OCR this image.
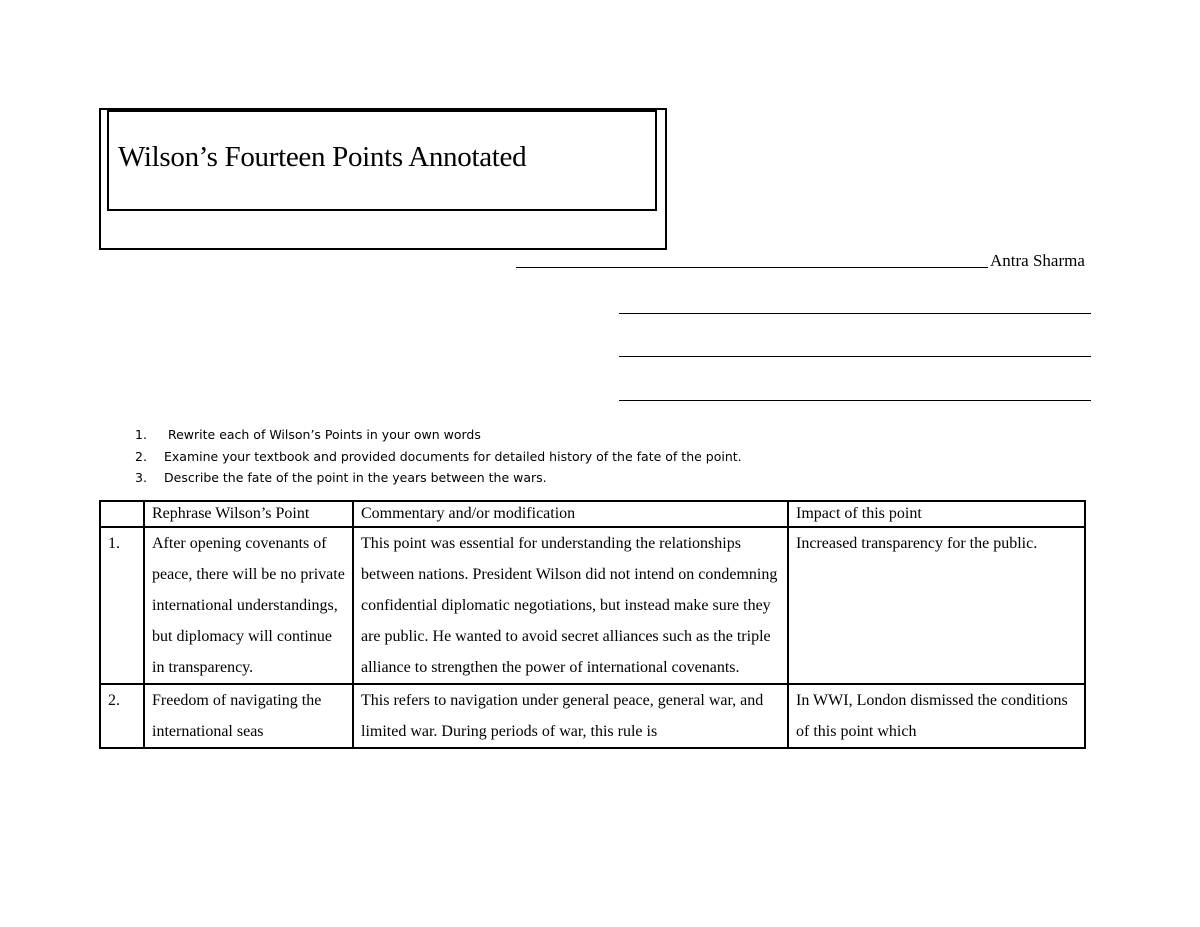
Wilson’s Fourteen Points Annotated
Antra Sharma
1. Rewrite each of Wilson’s Points in your own words
2. Examine your textbook and provided documents for detailed history of the fate of the point.
3. Describe the fate of the point in the years between the wars.
	Rephrase Wilson’s Point	Commentary and/or modification	Impact of this point
1.	After opening covenants of peace, there will be no private international understandings, but diplomacy will continue in transparency.	This point was essential for understanding the relationships between nations. President Wilson did not intend on condemning confidential diplomatic negotiations, but instead make sure they are public. He wanted to avoid secret alliances such as the triple alliance to strengthen the power of international covenants.	Increased transparency for the public.
2.	Freedom of navigating the international seas	This refers to navigation under general peace, general war, and limited war. During periods of war, this rule is	In WWI, London dismissed the conditions of this point which
